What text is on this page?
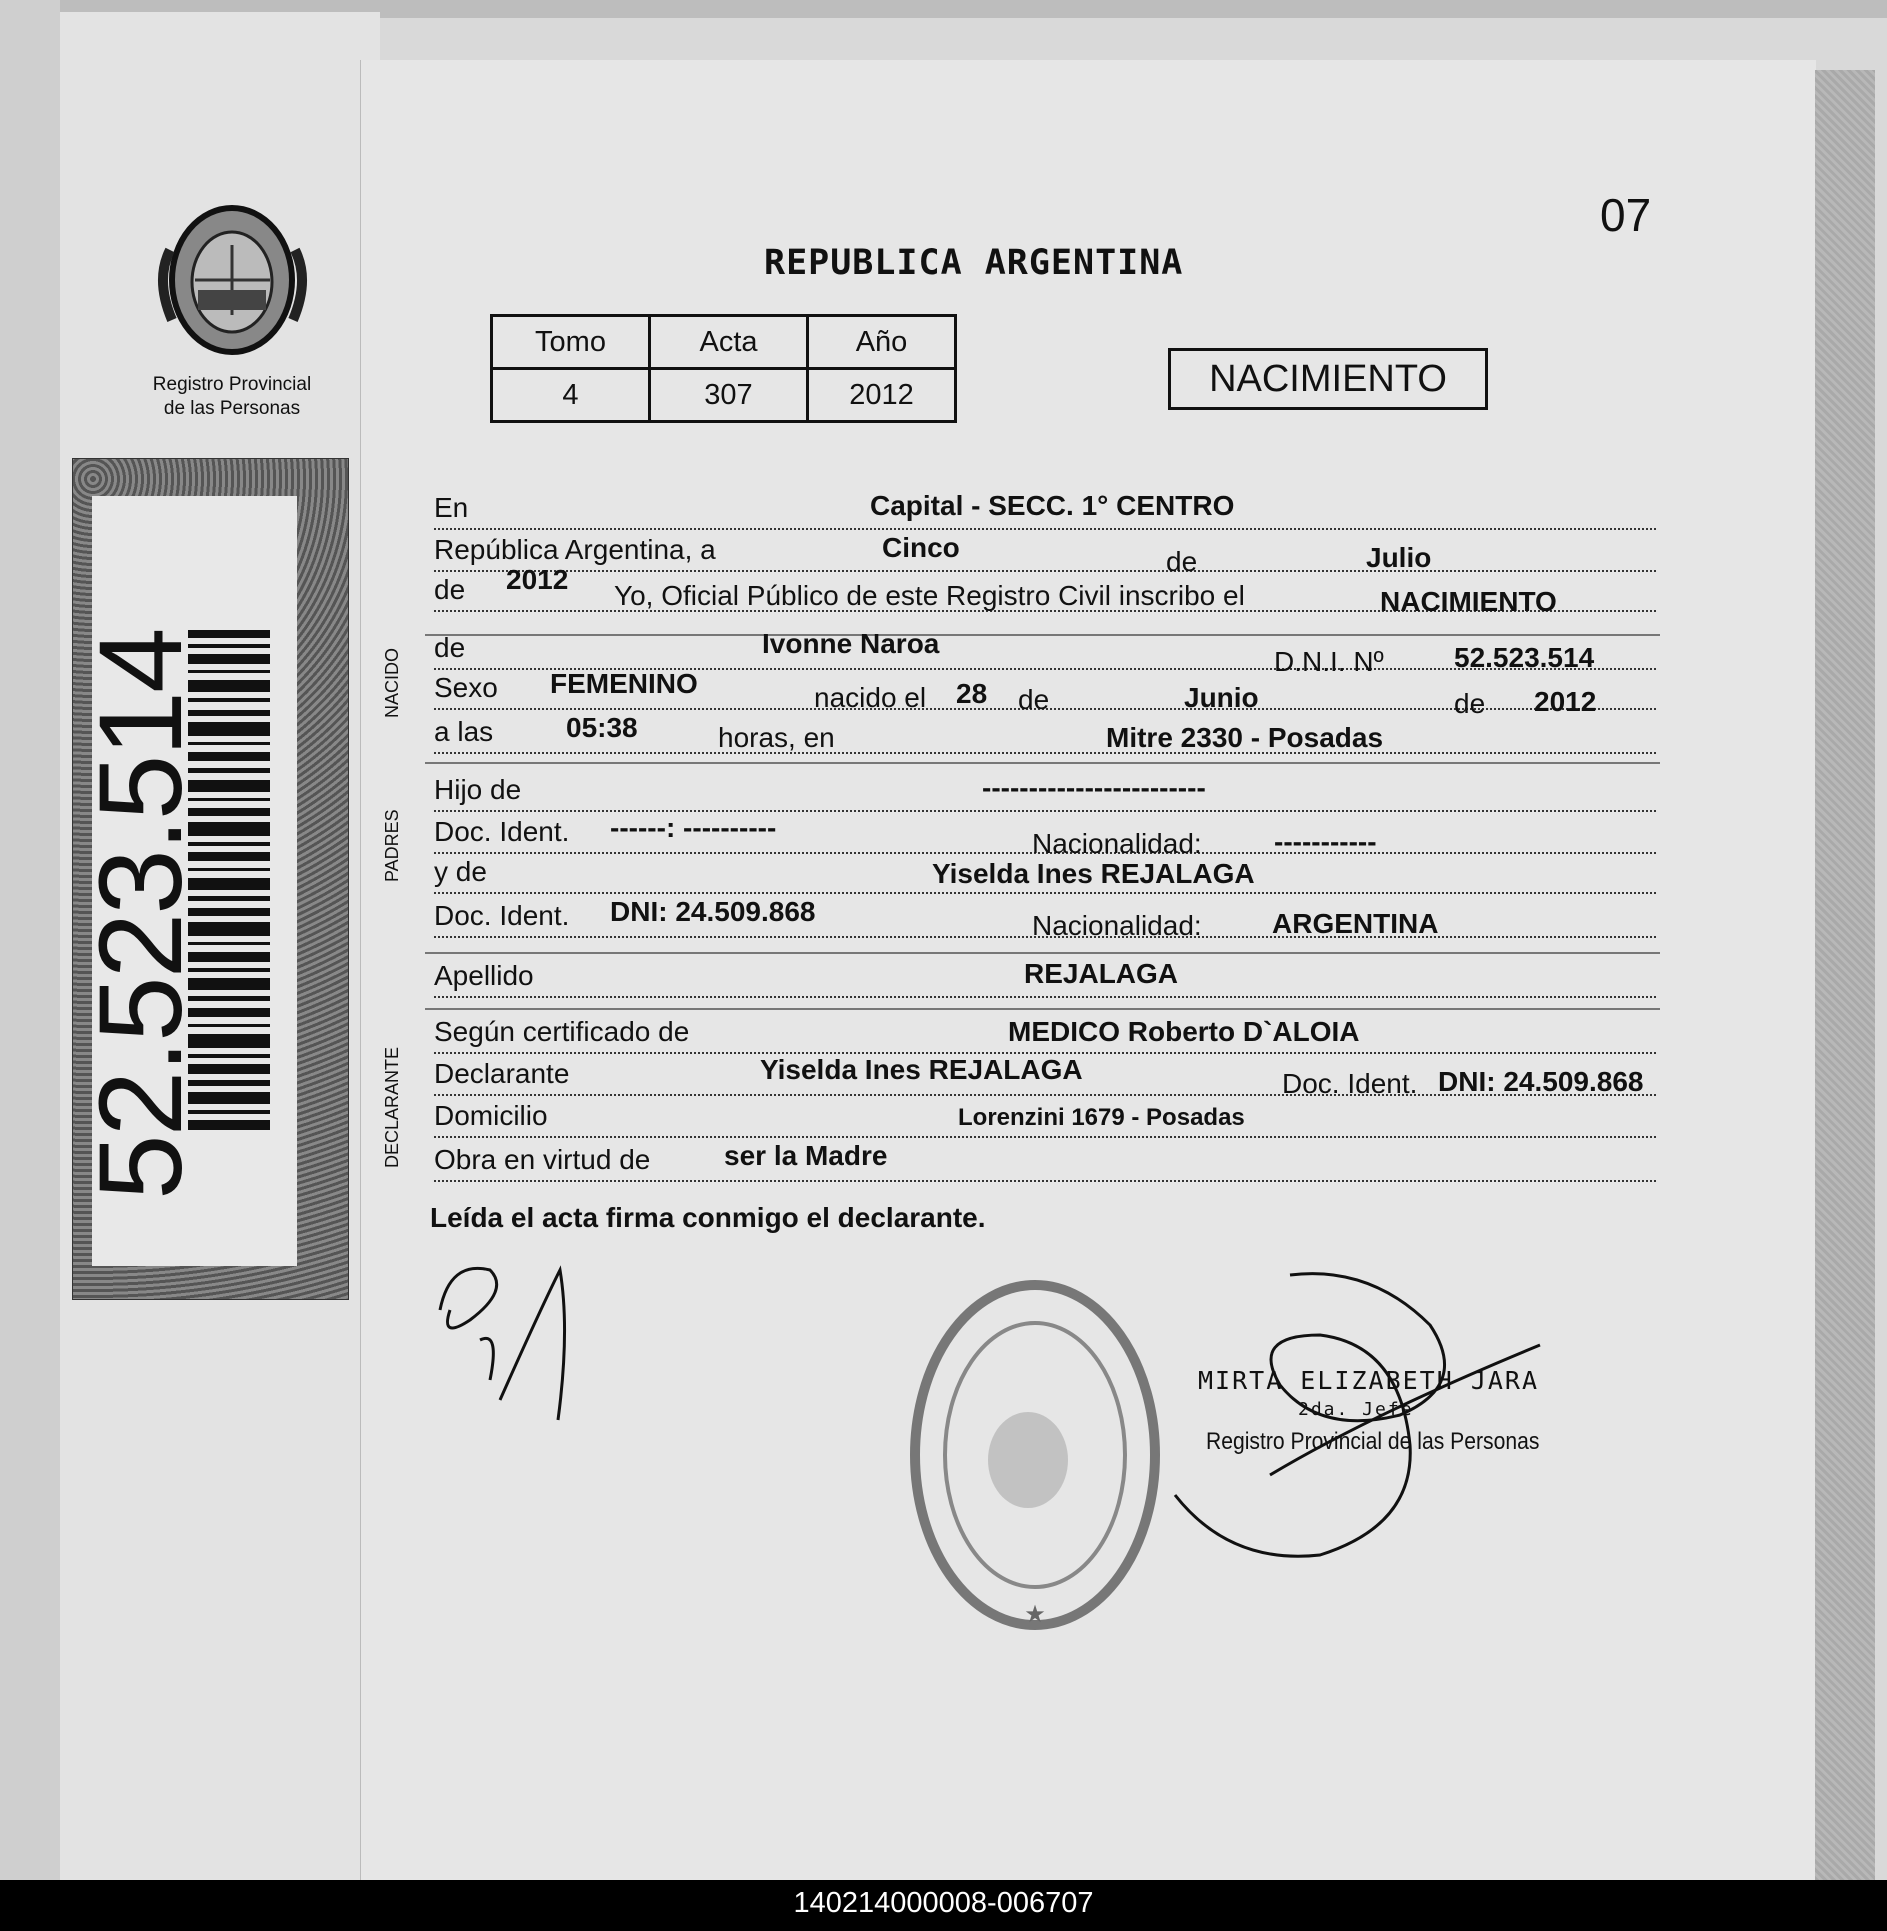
Registro Provincial
de las Personas
52.523.514
07
REPUBLICA ARGENTINA
Tomo	Acta	Año
4	307	2012	NACIMIENTO
NACIDO
PADRES
DECLARANTE
En	Capital - SECC. 1° CENTRO
República Argentina, a	Cinco	de	Julio
de 2012
Yo, Oficial Público de este Registro Civil inscribo el	NACIMIENTO
de	Ivonne Naroa
D.N.I. Nº	52.523.514
Sexo FEMENINO	nacido el 28 de	Junio	de 2012
a las	05:38	horas, en	Mitre 2330 - Posadas
Hijo de	------------------------
Doc. Ident. ------: ----------
Nacionalidad:	-----------
y de	Yiselda Ines REJALAGA
Doc. Ident. DNI: 24.509.868	Nacionalidad:	ARGENTINA
Apellido	REJALAGA
Según certificado de	MEDICO Roberto D`ALOIA
Declarante	Yiselda Ines REJALAGA	Doc. Ident. DNI: 24.509.868
Domicilio	Lorenzini 1679 - Posadas
Obra en virtud de	ser la Madre
Leída el acta firma conmigo el declarante.
★
MIRTA ELIZABETH JARA
2da. Jefe
Registro Provincial de las Personas
140214000008-006707
